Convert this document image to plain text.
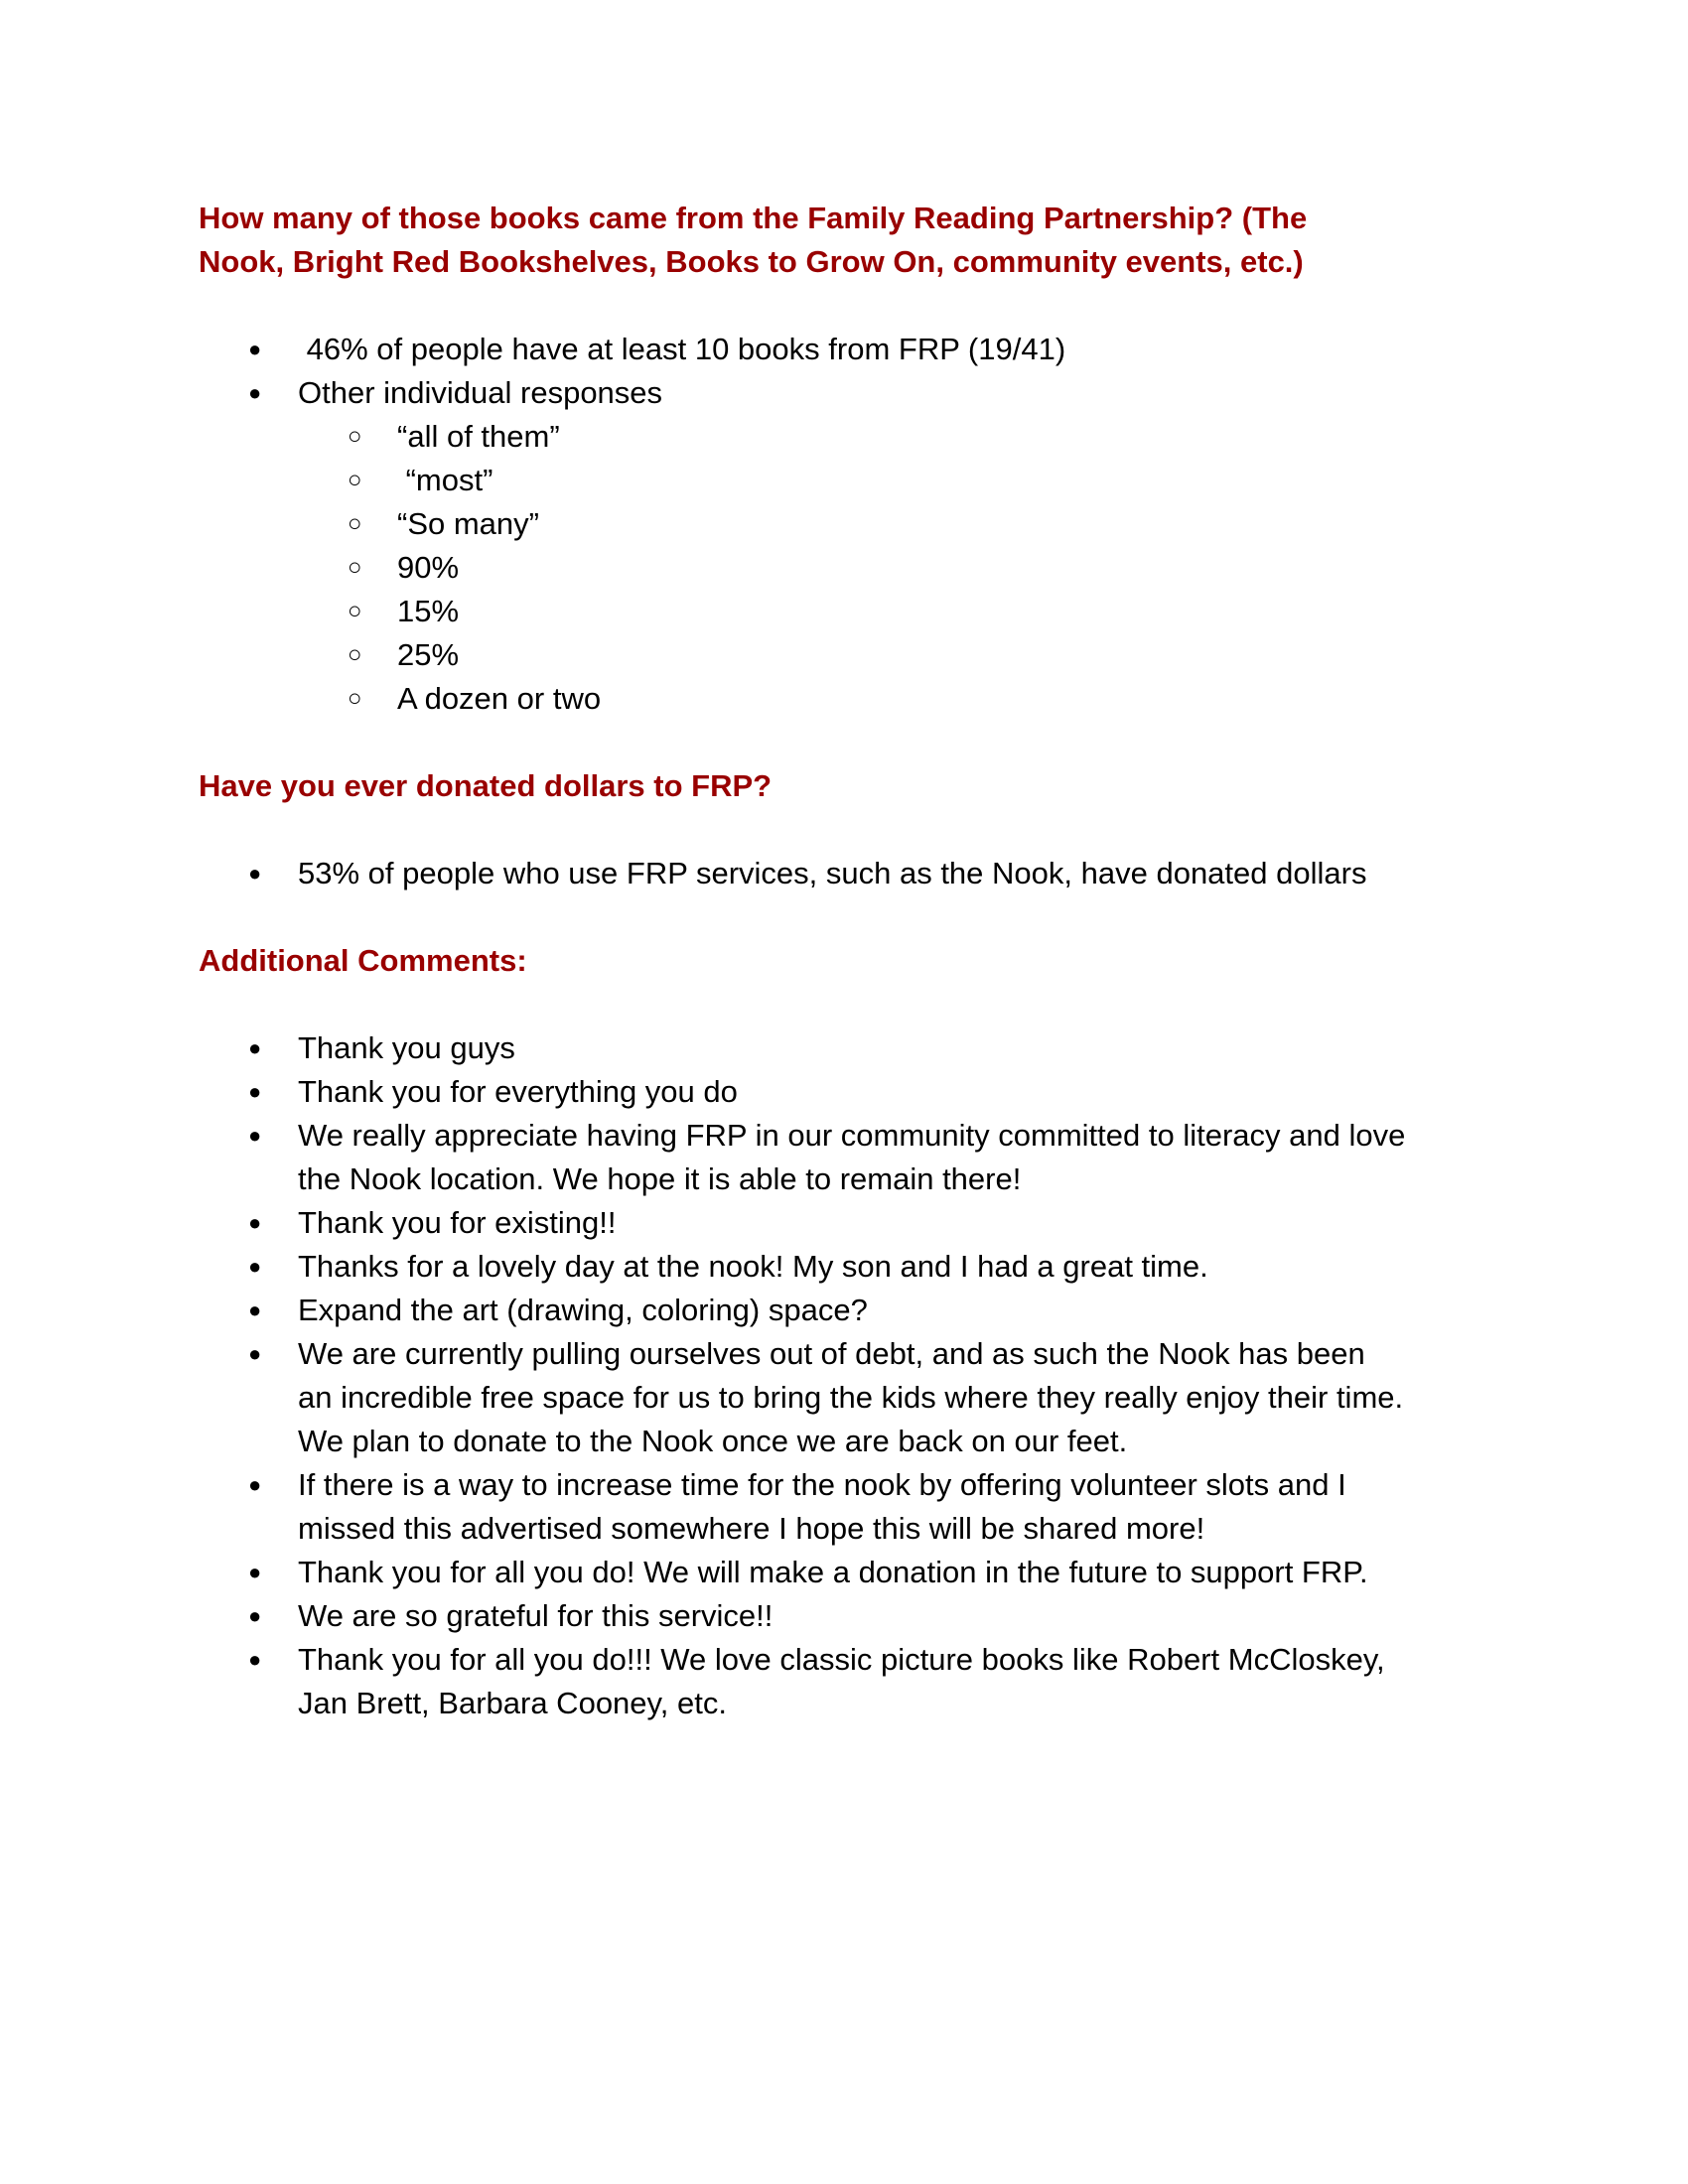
How many of those books came from the Family Reading Partnership? (The
Nook, Bright Red Bookshelves, Books to Grow On, community events, etc.)
● 46% of people have at least 10 books from FRP (19/41)
● Other individual responses
○ “all of them”
○ “most”
○ “So many”
○ 90%
○ 15%
○ 25%
○ A dozen or two
Have you ever donated dollars to FRP?
● 53% of people who use FRP services, such as the Nook, have donated dollars
Additional Comments:
● Thank you guys
● Thank you for everything you do
● We really appreciate having FRP in our community committed to literacy and love
the Nook location. We hope it is able to remain there!
● Thank you for existing!!
● Thanks for a lovely day at the nook! My son and I had a great time.
● Expand the art (drawing, coloring) space?
● We are currently pulling ourselves out of debt, and as such the Nook has been
an incredible free space for us to bring the kids where they really enjoy their time.
We plan to donate to the Nook once we are back on our feet.
● If there is a way to increase time for the nook by offering volunteer slots and I
missed this advertised somewhere I hope this will be shared more!
● Thank you for all you do! We will make a donation in the future to support FRP.
● We are so grateful for this service!!
● Thank you for all you do!!! We love classic picture books like Robert McCloskey,
Jan Brett, Barbara Cooney, etc.
